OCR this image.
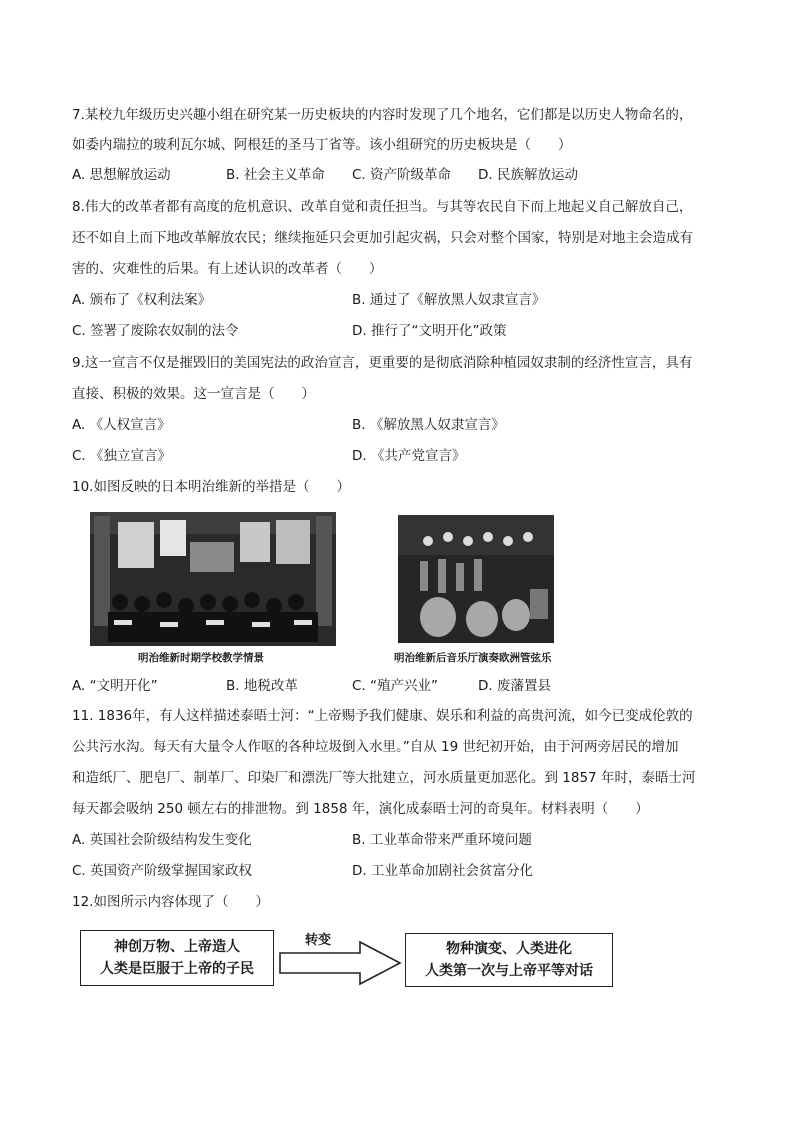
7.某校九年级历史兴趣小组在研究某一历史板块的内容时发现了几个地名，它们都是以历史人物命名的，
如委内瑞拉的玻利瓦尔城、阿根廷的圣马丁省等。该小组研究的历史板块是（　　）
A. 思想解放运动	B. 社会主义革命 C. 资产阶级革命 D. 民族解放运动
8.伟大的改革者都有高度的危机意识、改革自觉和责任担当。与其等农民自下而上地起义自己解放自己，
还不如自上而下地改革解放农民；继续拖延只会更加引起灾祸，只会对整个国家，特别是对地主会造成有
害的、灾难性的后果。有上述认识的改革者（　　）
A. 颁布了《权利法案》	B. 通过了《解放黑人奴隶宣言》
C. 签署了废除农奴制的法令	D. 推行了“文明开化”政策
9.这一宣言不仅是摧毁旧的美国宪法的政治宣言，更重要的是彻底消除种植园奴隶制的经济性宣言，具有
直接、积极的效果。这一宣言是（　　）
A. 《人权宣言》	B. 《解放黑人奴隶宣言》
C. 《独立宣言》	D. 《共产党宣言》
10.如图反映的日本明治维新的举措是（　　）
明治维新时期学校教学情景	明治维新后音乐厅演奏欧洲管弦乐
A. “文明开化”	B. 地税改革	C. “殖产兴业”	D. 废藩置县
11. 1836年，有人这样描述泰晤士河：“上帝赐予我们健康、娱乐和利益的高贵河流，如今已变成伦敦的
公共污水沟。每天有大量令人作呕的各种垃圾倒入水里。”自从 19 世纪初开始，由于河两旁居民的增加
和造纸厂、肥皂厂、制革厂、印染厂和漂洗厂等大批建立，河水质量更加恶化。到 1857 年时，泰晤士河
每天都会吸纳 250 顿左右的排泄物。到 1858 年，演化成泰晤士河的奇臭年。材料表明（　　）
A. 英国社会阶级结构发生变化	B. 工业革命带来严重环境问题
C. 英国资产阶级掌握国家政权	D. 工业革命加剧社会贫富分化
12.如图所示内容体现了（　　）
神创万物、上帝造人
人类是臣服于上帝的子民
转变
物种演变、人类进化
人类第一次与上帝平等对话
